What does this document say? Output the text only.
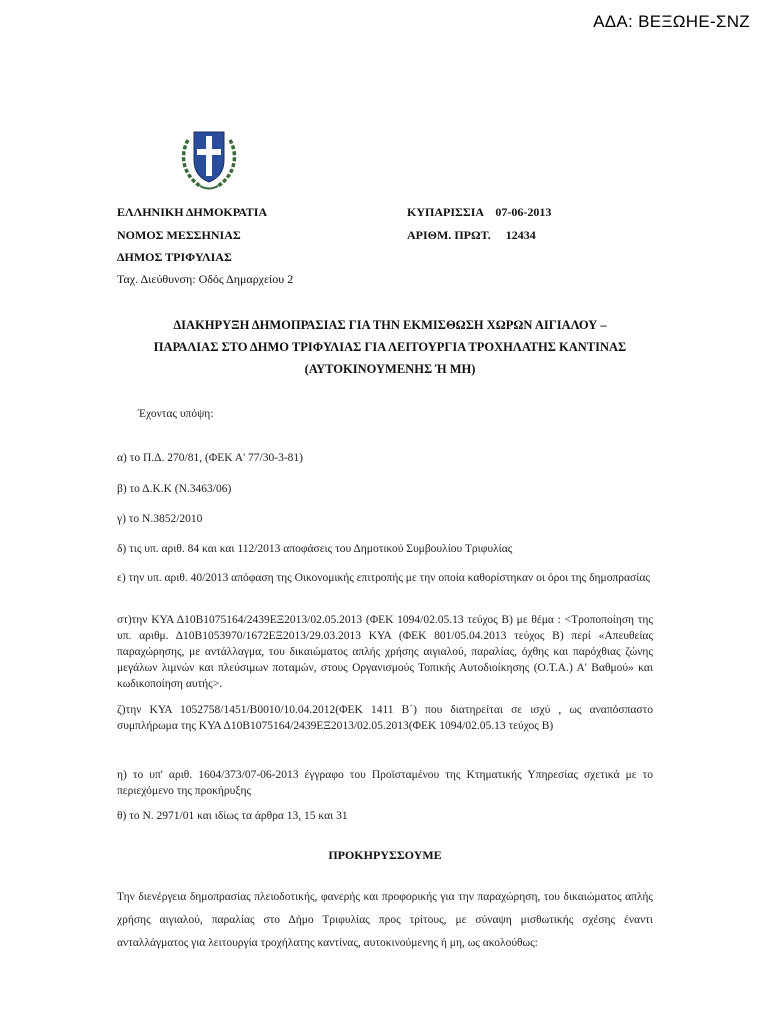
ΑΔΑ: ΒΕΞΩΗΕ-ΣΝΖ
ΕΛΛΗΝΙΚΗ ΔΗΜΟΚΡΑΤΙΑ
ΝΟΜΟΣ ΜΕΣΣΗΝΙΑΣ
ΔΗΜΟΣ ΤΡΙΦΥΛΙΑΣ
Ταχ. Διεύθυνση: Οδός Δημαρχείου 2
ΚΥΠΑΡΙΣΣΙΑ    07-06-2013
ΑΡΙΘΜ. ΠΡΩΤ.     12434
ΔΙΑΚΗΡΥΞΗ ΔΗΜΟΠΡΑΣΙΑΣ ΓΙΑ ΤΗΝ ΕΚΜΙΣΘΩΣΗ ΧΩΡΩΝ ΑΙΓΙΑΛΟΥ –
ΠΑΡΑΛΙΑΣ ΣΤΟ ΔΗΜΟ ΤΡΙΦΥΛΙΑΣ ΓΙΑ ΛΕΙΤΟΥΡΓΙΑ ΤΡΟΧΗΛΑΤΗΣ ΚΑΝΤΙΝΑΣ
(ΑΥΤΟΚΙΝΟΥΜΕΝΗΣ Ή ΜΗ)
Έχοντας υπόψη:
α) το Π.Δ. 270/81, (ΦΕΚ Α' 77/30-3-81)
β) το Δ.Κ.Κ (Ν.3463/06)
γ) το Ν.3852/2010
δ) τις υπ. αριθ. 84 και και 112/2013 αποφάσεις του Δημοτικού Συμβουλίου Τριφυλίας
ε) την υπ. αριθ. 40/2013 απόφαση της Οικονομικής επιτροπής με την οποία καθορίστηκαν οι όροι της δημοπρασίας
στ)την ΚΥΑ Δ10Β1075164/2439ΕΞ2013/02.05.2013 (ΦΕΚ 1094/02.05.13 τεύχος Β) με θέμα : <Τροποποίηση της υπ. αριθμ. Δ10Β1053970/1672ΕΞ2013/29.03.2013 ΚΥΑ (ΦΕΚ 801/05.04.2013 τεύχος Β) περί «Απευθείας παραχώρησης, με αντάλλαγμα, του δικαιώματος απλής χρήσης αιγιαλού, παραλίας, όχθης και παρόχθιας ζώνης μεγάλων λιμνών και πλεύσιμων ποταμών, στους Οργανισμούς Τοπικής Αυτοδιοίκησης (Ο.Τ.Α.) Α' Βαθμού» και κωδικοποίηση αυτής>.
ζ)την ΚΥΑ 1052758/1451/Β0010/10.04.2012(ΦΕΚ 1411 Β΄) που διατηρείται σε ισχύ , ως αναπόσπαστο συμπλήρωμα της ΚΥΑ Δ10Β1075164/2439ΕΞ2013/02.05.2013(ΦΕΚ 1094/02.05.13 τεύχος Β)
η) το υπ' αριθ. 1604/373/07-06-2013 έγγραφο του Προϊσταμένου της Κτηματικής Υπηρεσίας σχετικά με το περιεχόμενο της προκήρυξης
θ) το Ν. 2971/01 και ιδίως τα άρθρα 13, 15 και 31
ΠΡΟΚΗΡΥΣΣΟΥΜΕ
Την διενέργεια δημοπρασίας πλειοδοτικής, φανερής και προφορικής για την παραχώρηση, του δικαιώματος απλής χρήσης αιγιαλού, παραλίας στο Δήμο Τριφυλίας προς τρίτους, με σύναψη μισθωτικής σχέσης έναντι ανταλλάγματος για λειτουργία τροχήλατης καντίνας, αυτοκινούμενης ή μη, ως ακολούθως:
